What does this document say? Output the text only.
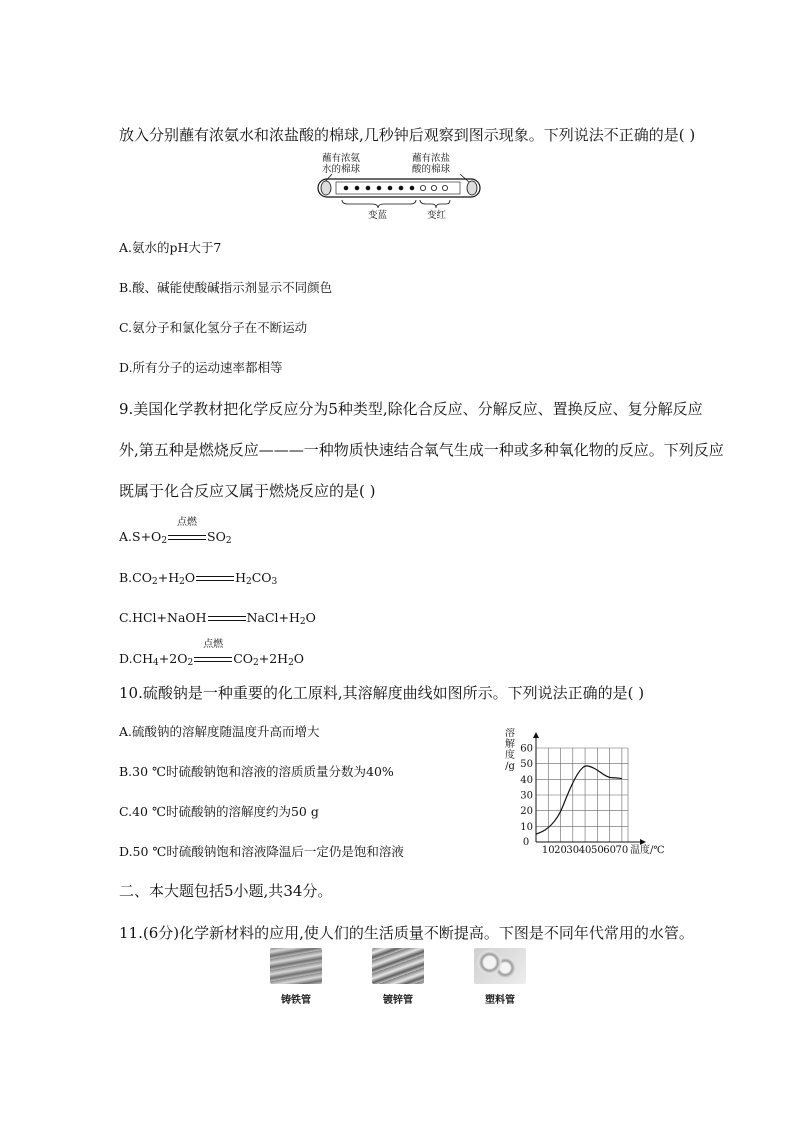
放入分别蘸有浓氨水和浓盐酸的棉球,几秒钟后观察到图示现象。下列说法不正确的是( )
蘸有浓氨
水的棉球
蘸有浓盐
酸的棉球
变蓝	变红
A.氨水的pH大于7
B.酸、碱能使酸碱指示剂显示不同颜色
C.氨分子和氯化氢分子在不断运动
D.所有分子的运动速率都相等
9.美国化学教材把化学反应分为5种类型,除化合反应、分解反应、置换反应、复分解反应
外,第五种是燃烧反应———一种物质快速结合氧气生成一种或多种氧化物的反应。下列反应
既属于化合反应又属于燃烧反应的是( )
$A.S+O_2$
点燃
$SO_2$
$B.CO_2+H_2O$	$H_2CO_3$
C.HCl+NaOH	$NaCl+H_2O$
$D.CH_4+2O_2$
点燃
$CO_2+2H_2O$
10.硫酸钠是一种重要的化工原料,其溶解度曲线如图所示。下列说法正确的是( )
A.硫酸钠的溶解度随温度升高而增大
B.30 ℃时硫酸钠饱和溶液的溶质质量分数为40%
C.40 ℃时硫酸钠的溶解度约为50 g
D.50 ℃时硫酸钠饱和溶液降温后一定仍是饱和溶液
10
20
30
40
50
60
10 20 30 40 50 60 70
0
溶
解
度
/g
温度/℃
二、本大题包括5小题,共34分。
11.(6分)化学新材料的应用,使人们的生活质量不断提高。下图是不同年代常用的水管。
铸铁管	镀锌管	塑料管
